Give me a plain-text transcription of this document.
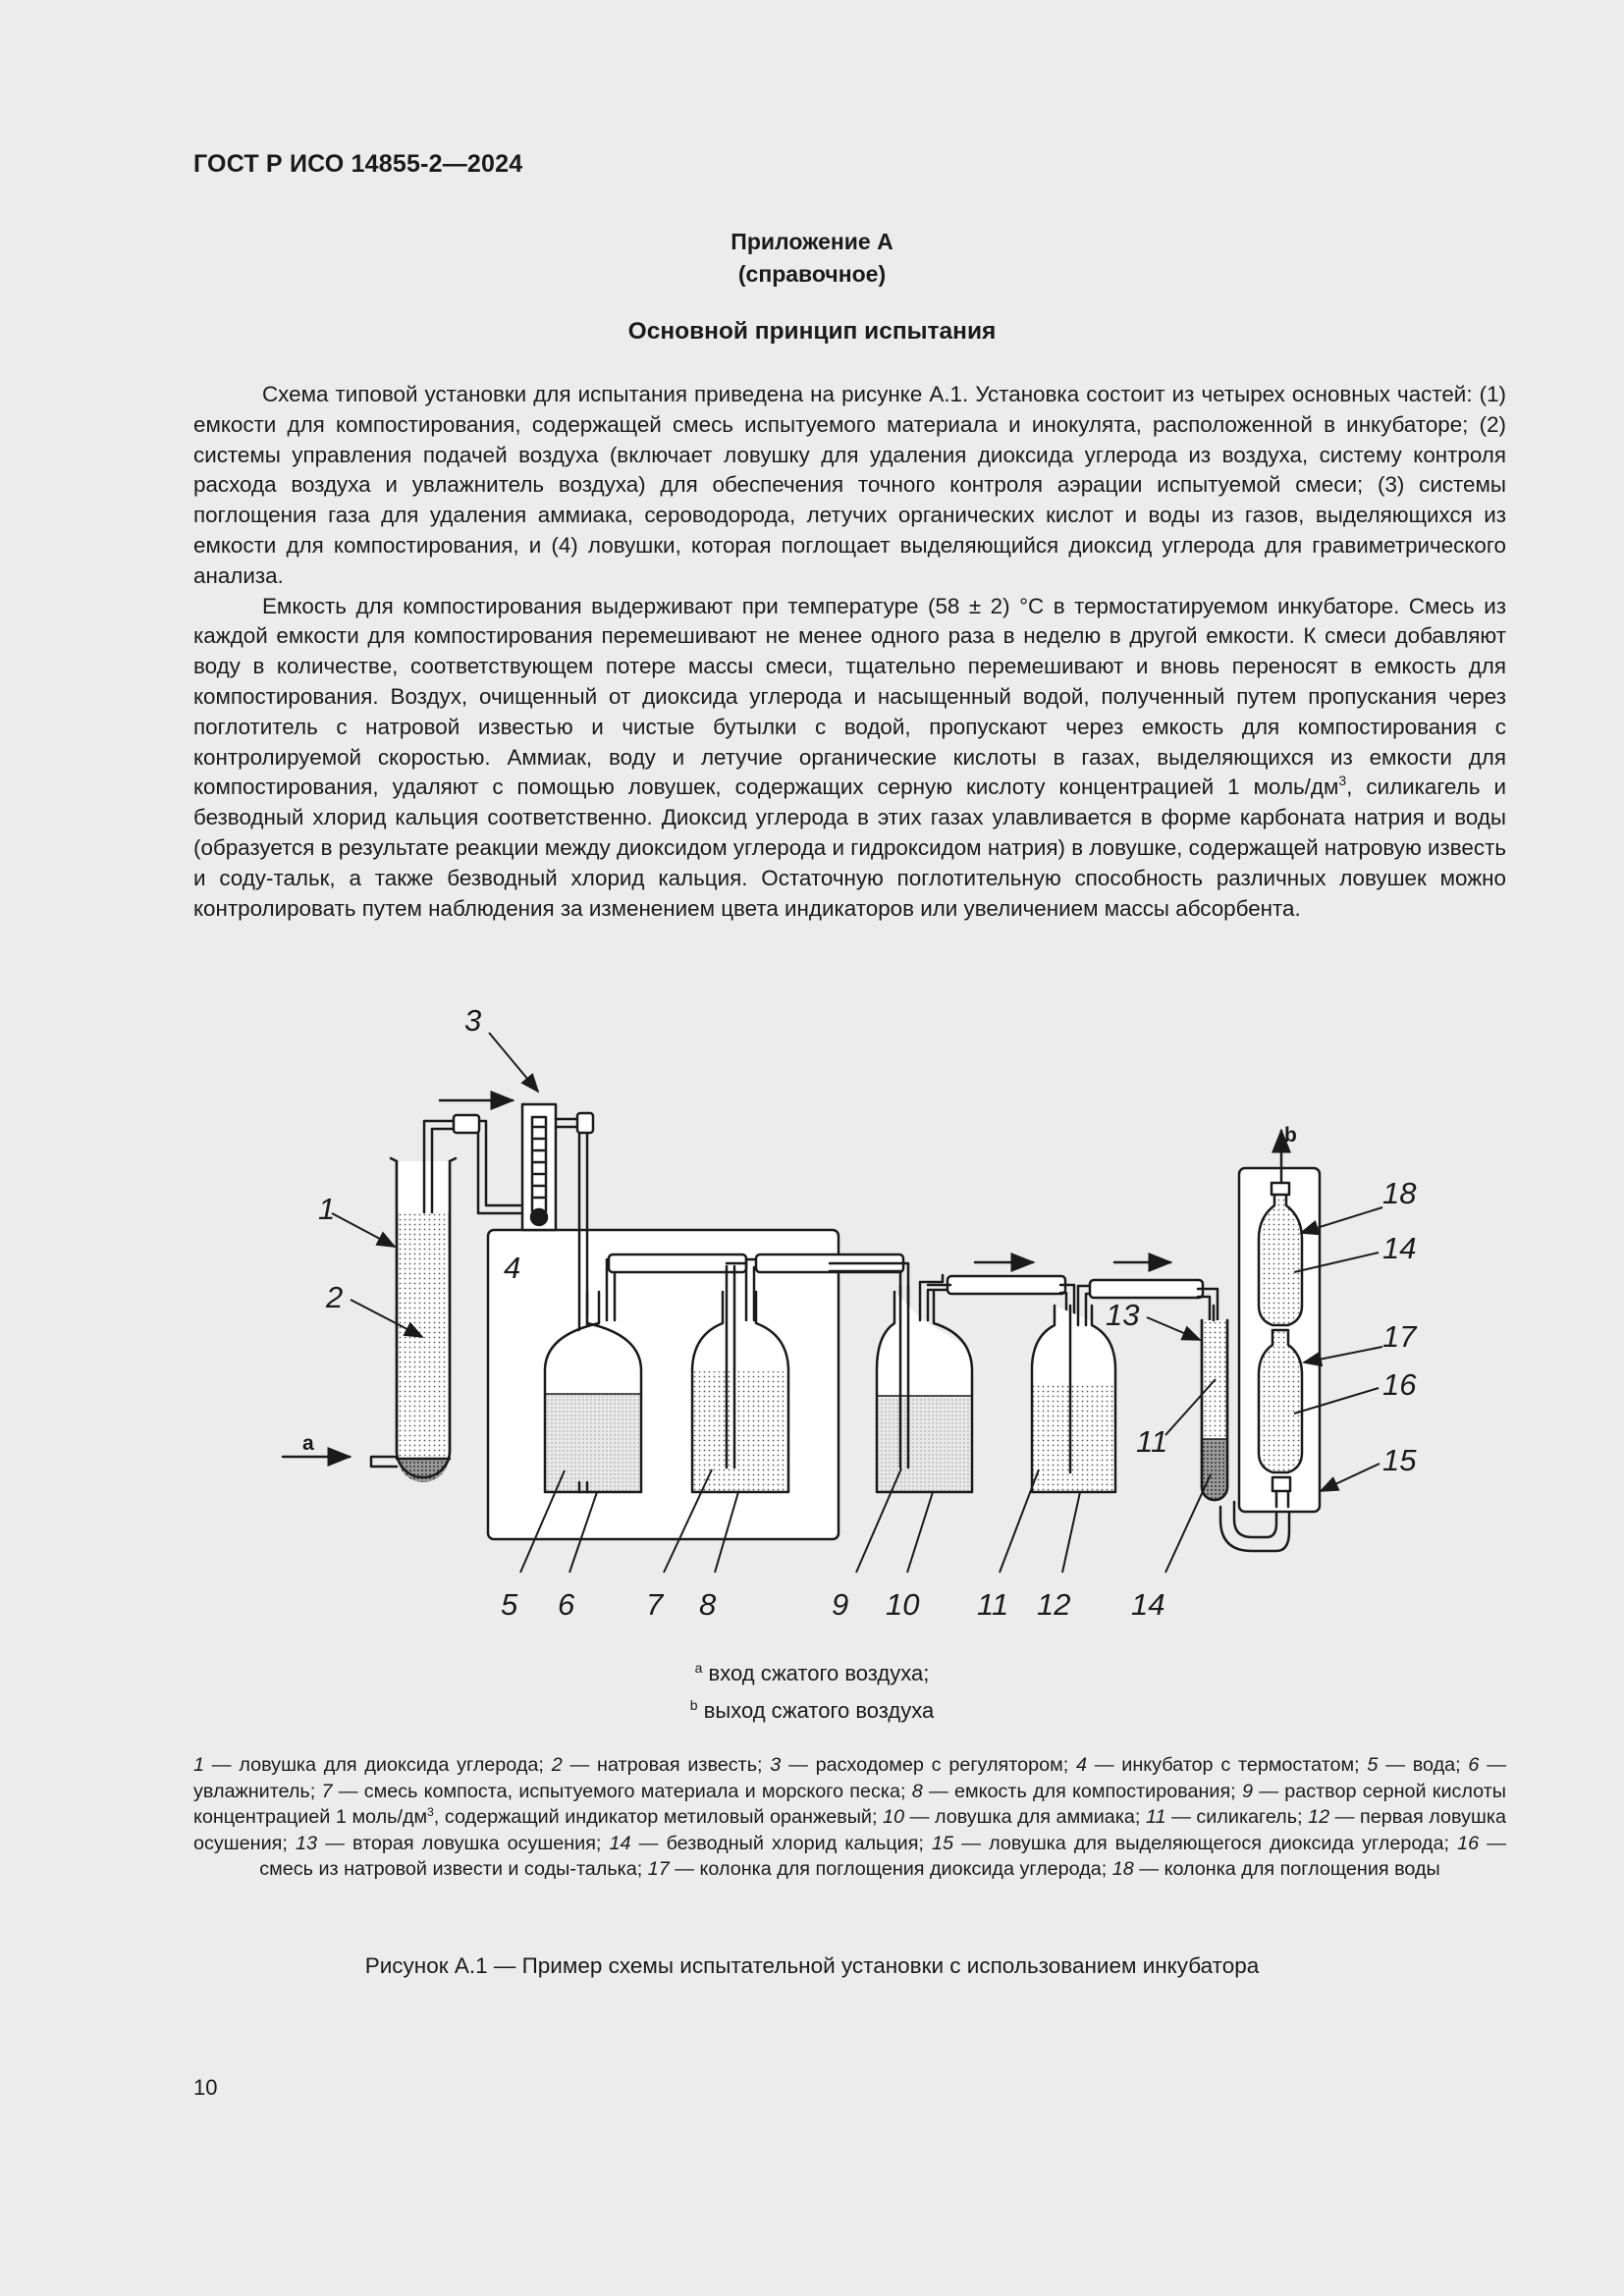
ГОСТ Р ИСО 14855-2—2024
Приложение А
(справочное)
Основной принцип испытания

Схема типовой установки для испытания приведена на рисунке А.1. Установка состоит из четырех основных частей: (1) емкости для компостирования, содержащей смесь испытуемого материала и инокулята, расположенной в инкубаторе; (2) системы управления подачей воздуха (включает ловушку для удаления диоксида углерода из воздуха, систему контроля расхода воздуха и увлажнитель воздуха) для обеспечения точного контроля аэрации испытуемой смеси; (3) системы поглощения газа для удаления аммиака, сероводорода, летучих органических кислот и воды из газов, выделяющихся из емкости для компостирования, и (4) ловушки, которая поглощает выделяющийся диоксид углерода для гравиметрического анализа.

Емкость для компостирования выдерживают при температуре (58 ± 2) °C в термостатируемом инкубаторе. Смесь из каждой емкости для компостирования перемешивают не менее одного раза в неделю в другой емкости. К смеси добавляют воду в количестве, соответствующем потере массы смеси, тщательно перемешивают и вновь переносят в емкость для компостирования. Воздух, очищенный от диоксида углерода и насыщенный водой, полученный путем пропускания через поглотитель с натровой известью и чистые бутылки с водой, пропускают через емкость для компостирования с контролируемой скоростью. Аммиак, воду и летучие органические кислоты в газах, выделяющихся из емкости для компостирования, удаляют с помощью ловушек, содержащих серную кислоту концентрацией 1 моль/$дм^3$, силикагель и безводный хлорид кальция соответственно. Диоксид углерода в этих газах улавливается в форме карбоната натрия и воды (образуется в результате реакции между диоксидом углерода и гидроксидом натрия) в ловушке, содержащей натровую известь и соду-тальк, а также безводный хлорид кальция. Остаточную поглотительную способность различных ловушек можно контролировать путем наблюдения за изменением цвета индикаторов или увеличением массы абсорбента.

3
1
2
4
5 6 7 8	9 10 11 12
13
11
14
18
14
17
16
15
a
b
$^a$ вход сжатого воздуха;
$^b$ выход сжатого воздуха
1 — ловушка для диоксида углерода; 2 — натровая известь; 3 — расходомер с регулятором; 4 — инкубатор с термостатом; 5 — вода; 6 — увлажнитель; 7 — смесь компоста, испытуемого материала и морского песка; 8 — емкость для компостирования; 9 — раствор серной кислоты концентрацией 1 моль/$дм^3$, содержащий индикатор метиловый оранжевый; 10 — ловушка для аммиака; 11 — силикагель; 12 — первая ловушка осушения; 13 — вторая ловушка осушения; 14 — безводный хлорид кальция; 15 — ловушка для выделяющегося диоксида углерода; 16 — смесь из натровой извести и соды-талька; 17 — колонка для поглощения диоксида углерода; 18 — колонка для поглощения воды
Рисунок А.1 — Пример схемы испытательной установки с использованием инкубатора
10
